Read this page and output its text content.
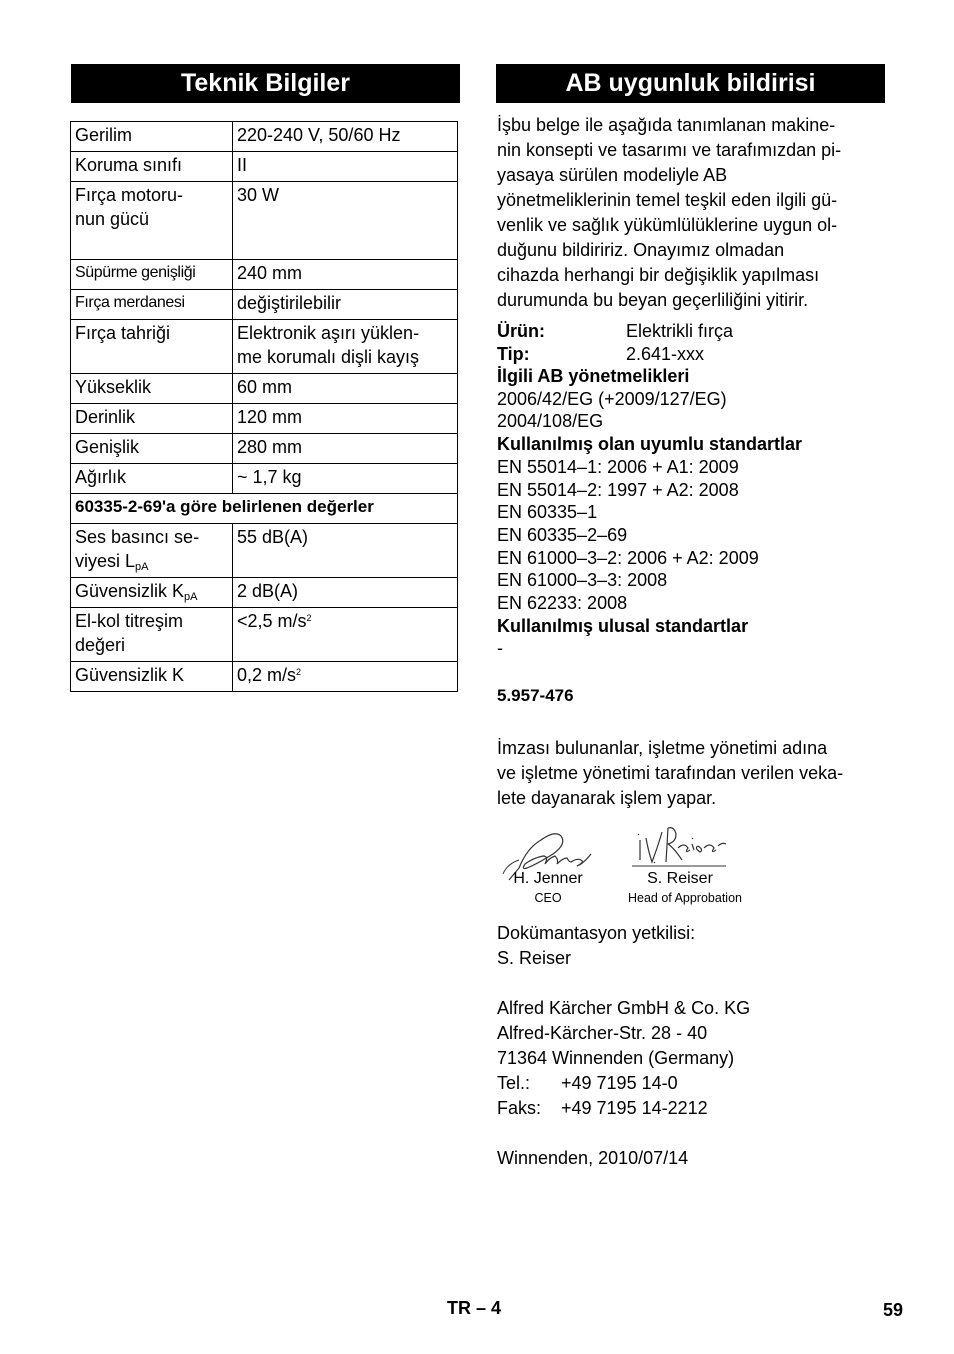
Teknik Bilgiler
Gerilim	220-240 V, 50/60 Hz
Koruma sınıfı	II
Fırça motoru-
nun gücü	30 W
Süpürme genişliği	240 mm
Fırça merdanesi	değiştirilebilir
Fırça tahriği	Elektronik aşırı yüklen-
me korumalı dişli kayış
Yükseklik	60 mm
Derinlik	120 mm
Genişlik	280 mm
Ağırlık	~ 1,7 kg
60335-2-69'a göre belirlenen değerler	
Ses basıncı se-
viyesi $L_{pA}$	55 dB(A)
Güvensizlik $K_{pA}$	2 dB(A)
El-kol titreşim
değeri	<2,5 $m/s^2$
Güvensizlik K	0,2 $m/s^2$
AB uygunluk bildirisi
İşbu belge ile aşağıda tanımlanan makine-
nin konsepti ve tasarımı ve tarafımızdan pi-
yasaya sürülen modeliyle AB
yönetmeliklerinin temel teşkil eden ilgili gü-
venlik ve sağlık yükümlülüklerine uygun ol-
duğunu bildiririz. Onayımız olmadan
cihazda herhangi bir değişiklik yapılması
durumunda bu beyan geçerliliğini yitirir.
Ürün:	Elektrikli fırça
Tip:	2.641-xxx
İlgili AB yönetmelikleri
2006/42/EG (+2009/127/EG)
2004/108/EG
Kullanılmış olan uyumlu standartlar
EN 55014–1: 2006 + A1: 2009
EN 55014–2: 1997 + A2: 2008
EN 60335–1
EN 60335–2–69
EN 61000–3–2: 2006 + A2: 2009
EN 61000–3–3: 2008
EN 62233: 2008
Kullanılmış ulusal standartlar
-
5.957-476
İmzası bulunanlar, işletme yönetimi adına
ve işletme yönetimi tarafından verilen veka-
lete dayanarak işlem yapar.
H. Jenner
CEO
S. Reiser
Head of Approbation
Dokümantasyon yetkilisi:
S. Reiser
Alfred Kärcher GmbH & Co. KG
Alfred-Kärcher-Str. 28 - 40
71364 Winnenden (Germany)
Tel.: +49 7195 14-0
Faks: +49 7195 14-2212
Winnenden, 2010/07/14
TR – 4	59
